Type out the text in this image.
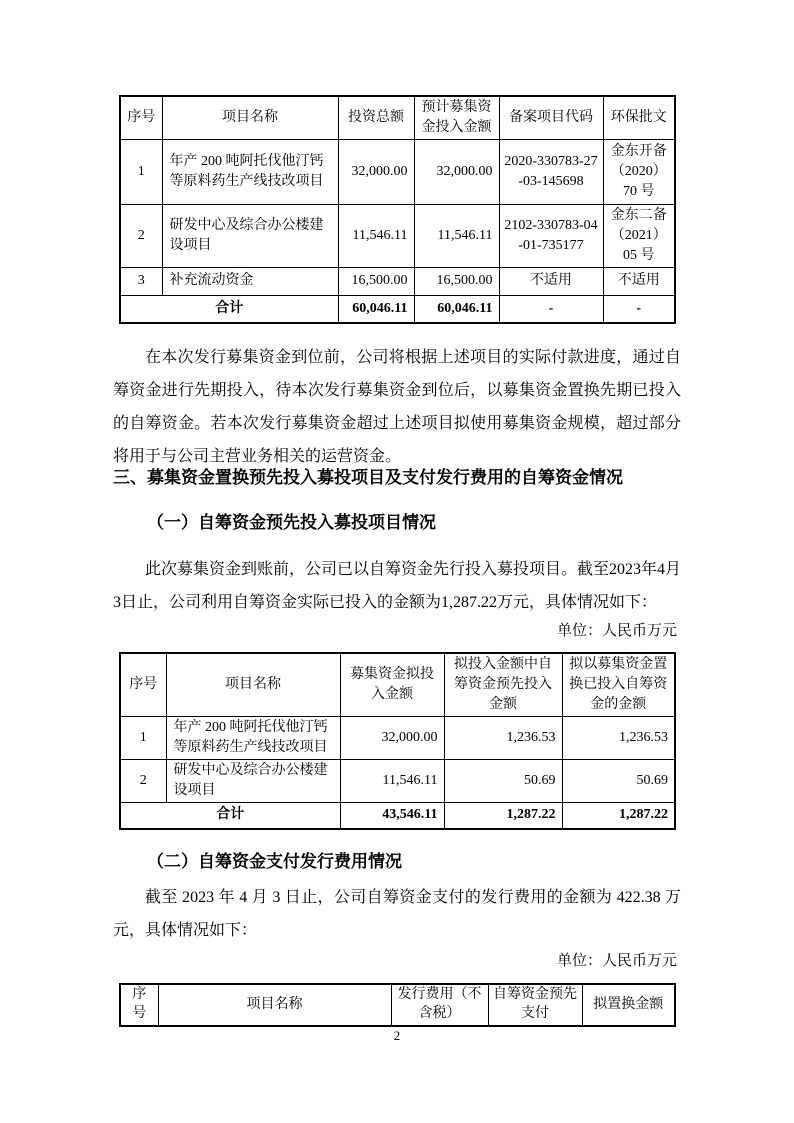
序号	项目名称	投资总额	预计募集资金投入金额	备案项目代码	环保批文
1	年产 200 吨阿托伐他汀钙等原料药生产线技改项目	32,000.00	32,000.00	2020-330783-27-03-145698	金东开备（2020）70 号
2	研发中心及综合办公楼建设项目	11,546.11	11,546.11	2102-330783-04-01-735177	金东二备（2021）05 号
3	补充流动资金	16,500.00	16,500.00	不适用	不适用
合计		60,046.11	60,046.11	-	-
在本次发行募集资金到位前，公司将根据上述项目的实际付款进度，通过自筹资金进行先期投入，待本次发行募集资金到位后，以募集资金置换先期已投入的自筹资金。若本次发行募集资金超过上述项目拟使用募集资金规模，超过部分将用于与公司主营业务相关的运营资金。
三、募集资金置换预先投入募投项目及支付发行费用的自筹资金情况
（一）自筹资金预先投入募投项目情况
此次募集资金到账前，公司已以自筹资金先行投入募投项目。截至2023年4月3日止，公司利用自筹资金实际已投入的金额为1,287.22万元，具体情况如下：
单位：人民币万元
序号	项目名称	募集资金拟投入金额	拟投入金额中自筹资金预先投入金额	拟以募集资金置换已投入自筹资金的金额
1	年产 200 吨阿托伐他汀钙等原料药生产线技改项目	32,000.00	1,236.53	1,236.53
2	研发中心及综合办公楼建设项目	11,546.11	50.69	50.69
合计		43,546.11	1,287.22	1,287.22
（二）自筹资金支付发行费用情况
截至 2023 年 4 月 3 日止，公司自筹资金支付的发行费用的金额为 422.38 万元，具体情况如下：
单位：人民币万元
序号	项目名称	发行费用（不含税）	自筹资金预先支付	拟置换金额
2
